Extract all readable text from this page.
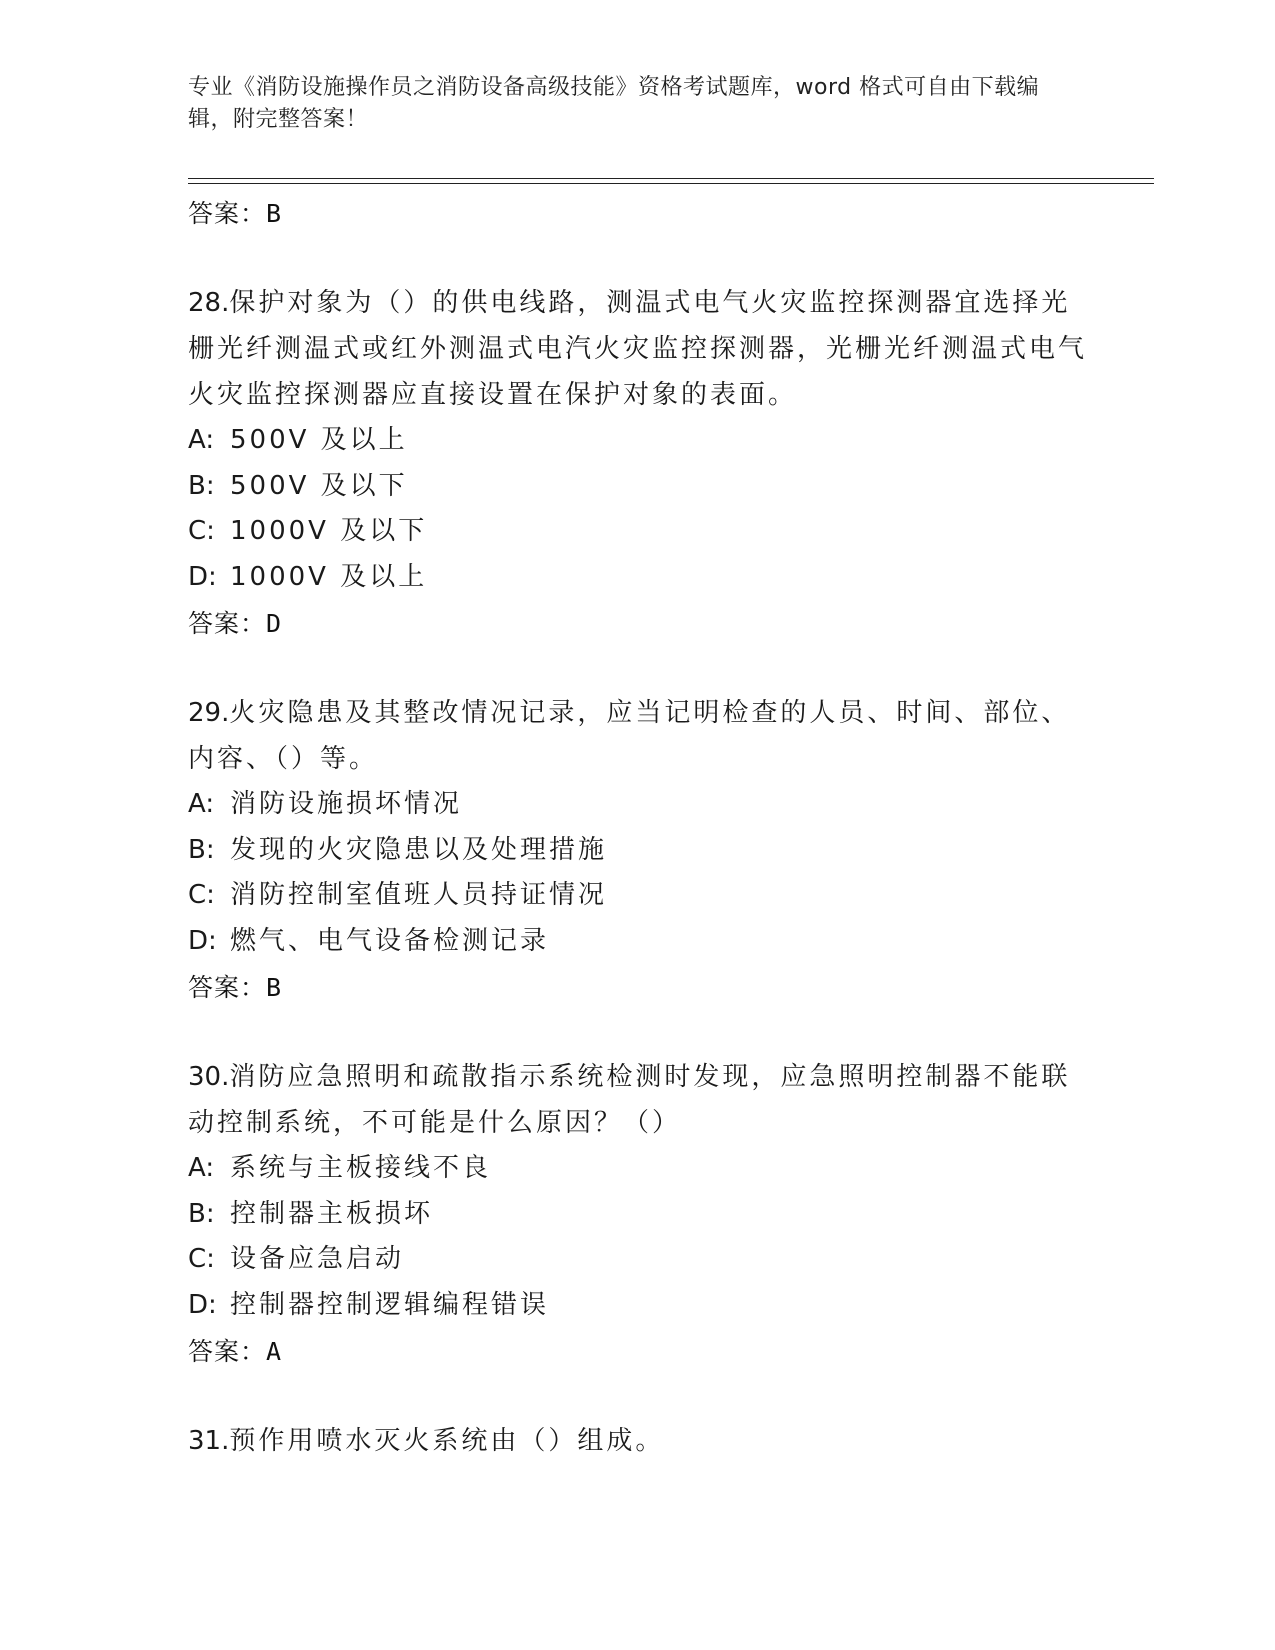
专业《消防设施操作员之消防设备高级技能》资格考试题库，word 格式可自由下载编辑，附完整答案！
答案： B
28.保护对象为（）的供电线路，测温式电气火灾监控探测器宜选择光栅光纤测温式或红外测温式电汽火灾监控探测器，光栅光纤测温式电气火灾监控探测器应直接设置在保护对象的表面。
A: 500V 及以上
B: 500V 及以下
C: 1000V 及以下
D: 1000V 及以上
答案： D
29.火灾隐患及其整改情况记录，应当记明检查的人员、时间、部位、内容、（）等。
A: 消防设施损坏情况
B: 发现的火灾隐患以及处理措施
C: 消防控制室值班人员持证情况
D: 燃气、电气设备检测记录
答案： B
30.消防应急照明和疏散指示系统检测时发现，应急照明控制器不能联动控制系统，不可能是什么原因？（）
A: 系统与主板接线不良
B: 控制器主板损坏
C: 设备应急启动
D: 控制器控制逻辑编程错误
答案： A
31.预作用喷水灭火系统由（）组成。
